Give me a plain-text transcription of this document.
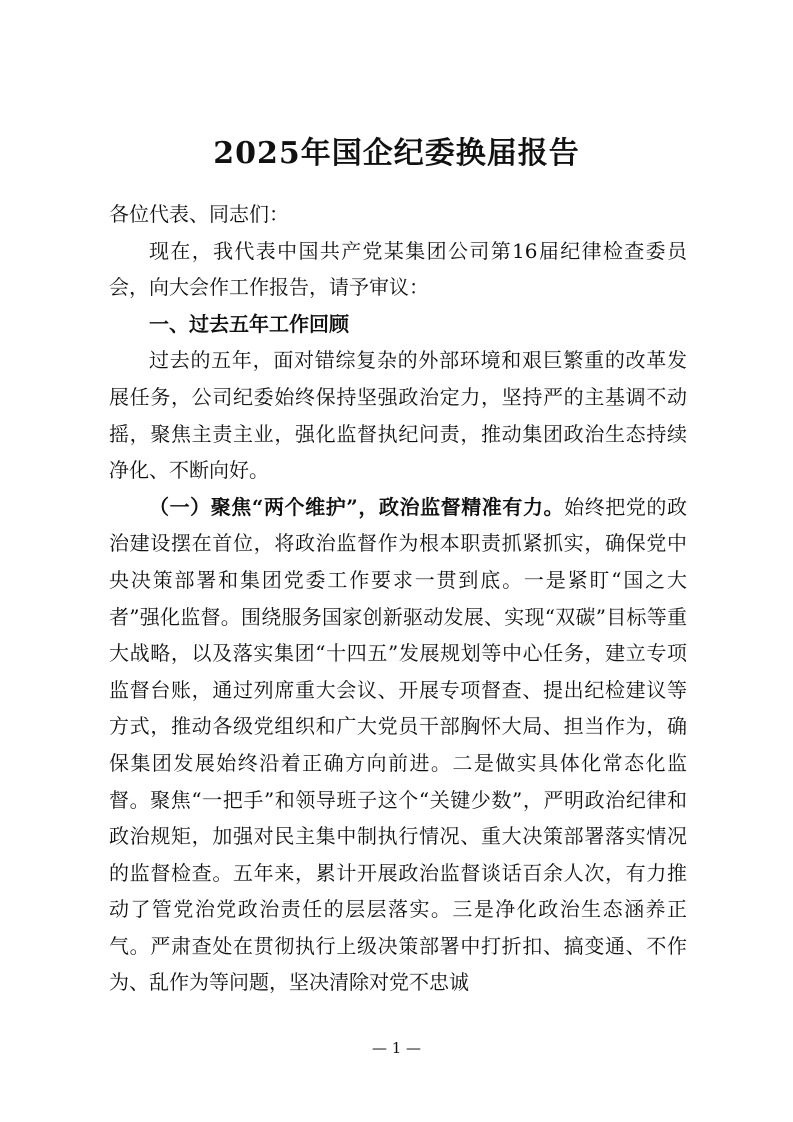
2025年国企纪委换届报告

各位代表、同志们：

现在，我代表中国共产党某集团公司第16届纪律检查委员会，向大会作工作报告，请予审议：

一、过去五年工作回顾

过去的五年，面对错综复杂的外部环境和艰巨繁重的改革发展任务，公司纪委始终保持坚强政治定力，坚持严的主基调不动摇，聚焦主责主业，强化监督执纪问责，推动集团政治生态持续净化、不断向好。

（一）聚焦“两个维护”，政治监督精准有力。始终把党的政治建设摆在首位，将政治监督作为根本职责抓紧抓实，确保党中央决策部署和集团党委工作要求一贯到底。一是紧盯“国之大者”强化监督。围绕服务国家创新驱动发展、实现“双碳”目标等重大战略，以及落实集团“十四五”发展规划等中心任务，建立专项监督台账，通过列席重大会议、开展专项督查、提出纪检建议等方式，推动各级党组织和广大党员干部胸怀大局、担当作为，确保集团发展始终沿着正确方向前进。二是做实具体化常态化监督。聚焦“一把手”和领导班子这个“关键少数”，严明政治纪律和政治规矩，加强对民主集中制执行情况、重大决策部署落实情况的监督检查。五年来，累计开展政治监督谈话百余人次，有力推动了管党治党政治责任的层层落实。三是净化政治生态涵养正气。严肃查处在贯彻执行上级决策部署中打折扣、搞变通、不作为、乱作为等问题，坚决清除对党不忠诚

— 1 —
